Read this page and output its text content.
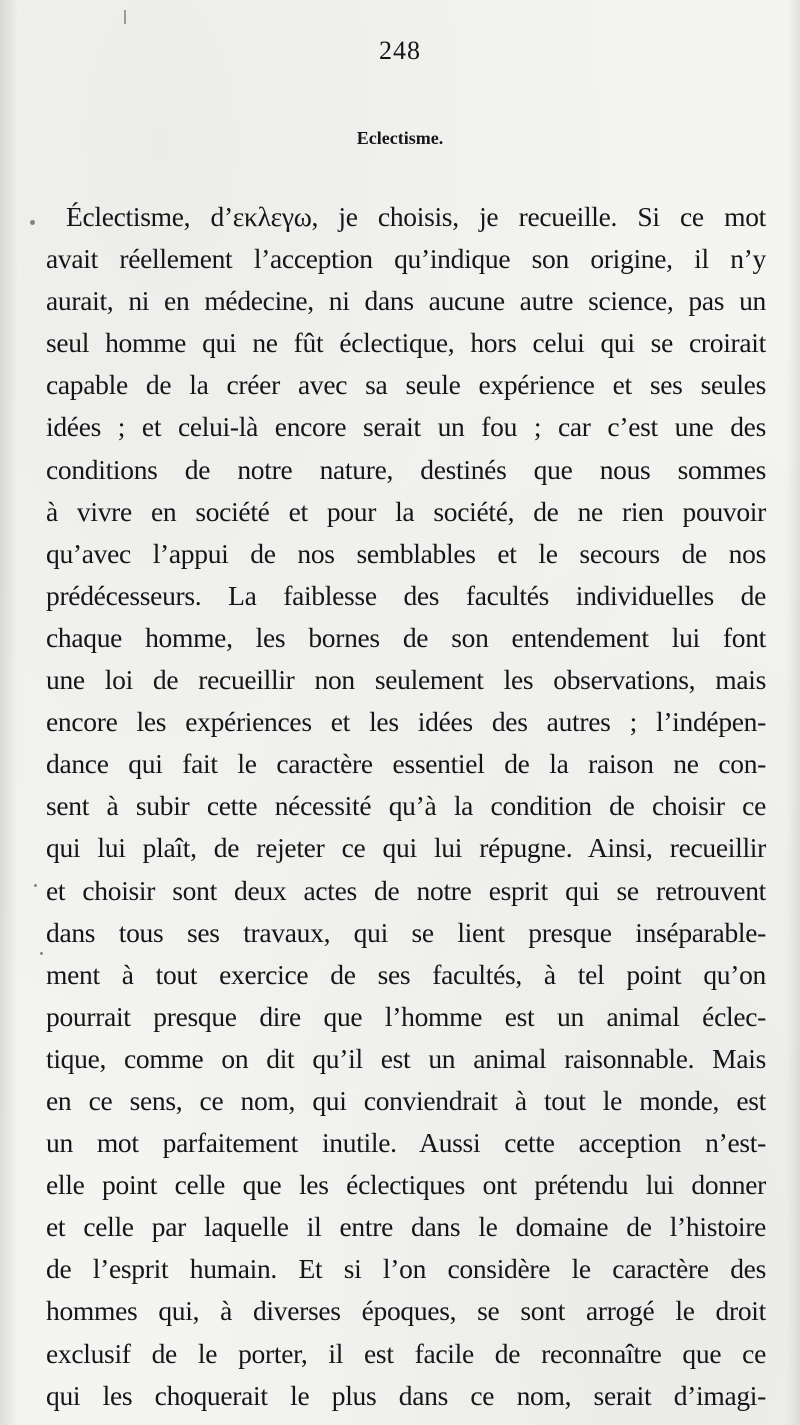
248
Eclectisme.
Éclectisme, d’εκλεγω, je choisis, je recueille. Si ce mot
avait réellement l’acception qu’indique son origine, il n’y
aurait, ni en médecine, ni dans aucune autre science, pas un
seul homme qui ne fût éclectique, hors celui qui se croirait
capable de la créer avec sa seule expérience et ses seules
idées ; et celui-là encore serait un fou ; car c’est une des
conditions de notre nature, destinés que nous sommes
à vivre en société et pour la société, de ne rien pouvoir
qu’avec l’appui de nos semblables et le secours de nos
prédécesseurs. La faiblesse des facultés individuelles de
chaque homme, les bornes de son entendement lui font
une loi de recueillir non seulement les observations, mais
encore les expériences et les idées des autres ; l’indépen-
dance qui fait le caractère essentiel de la raison ne con-
sent à subir cette nécessité qu’à la condition de choisir ce
qui lui plaît, de rejeter ce qui lui répugne. Ainsi, recueillir
et choisir sont deux actes de notre esprit qui se retrouvent
dans tous ses travaux, qui se lient presque inséparable-
ment à tout exercice de ses facultés, à tel point qu’on
pourrait presque dire que l’homme est un animal éclec-
tique, comme on dit qu’il est un animal raisonnable. Mais
en ce sens, ce nom, qui conviendrait à tout le monde, est
un mot parfaitement inutile. Aussi cette acception n’est-
elle point celle que les éclectiques ont prétendu lui donner
et celle par laquelle il entre dans le domaine de l’histoire
de l’esprit humain. Et si l’on considère le caractère des
hommes qui, à diverses époques, se sont arrogé le droit
exclusif de le porter, il est facile de reconnaître que ce
qui les choquerait le plus dans ce nom, serait d’imagi-
